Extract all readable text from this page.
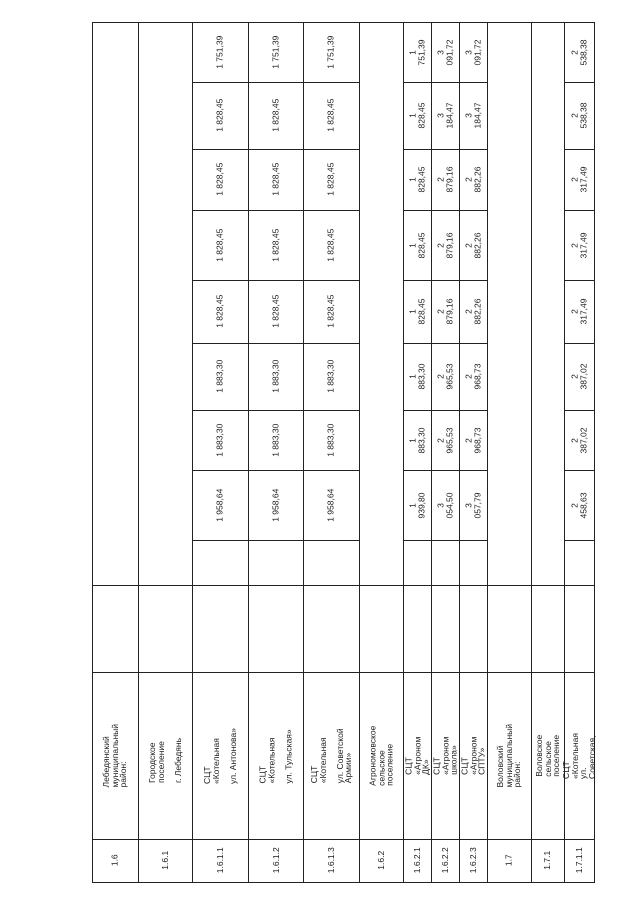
1.6
Лебедянский муниципальный
район:
1.6.1
Городское поселение

г. Лебедянь
1.6.1.1
СЦТ «Котельная

ул. Антонова»
1 751,39
1 828,45
1 828,45
1 828,45
1 828,45
1 883,30
1 883,30
1 958,64
1.6.1.2
СЦТ «Котельная

ул. Тульская»
1 751,39
1 828,45
1 828,45
1 828,45
1 828,45
1 883,30
1 883,30
1 958,64
1.6.1.3
СЦТ «Котельная

ул. Советской Армии»
1 751,39
1 828,45
1 828,45
1 828,45
1 828,45
1 883,30
1 883,30
1 958,64
1.6.2
Агрономовское сельское
поселение
1.6.2.1
СЦТ «Агроном ДК»
1 751,39
1 828,45
1 828,45
1 828,45
1 828,45
1 883,30
1 883,30
1 939,80
1.6.2.2
СЦТ «Агроном школа»
3 091,72
3 184,47
2 879,16
2 879,16
2 879,16
2 965,53
2 965,53
3 054,50
1.6.2.3
СЦТ «Агроном СПТУ»
3 091,72
3 184,47
2 882,26
2 882,26
2 882,26
2 968,73
2 968,73
3 057,79
1.7
Воловский муниципальный
район:
1.7.1
Воловское сельское поселение
1.7.1.1
СЦТ «Котельная ул. Советская,
2 538,38
2 538,38
2 317,49
2 317,49
2 317,49
2 387,02
2 387,02
2 458,63
